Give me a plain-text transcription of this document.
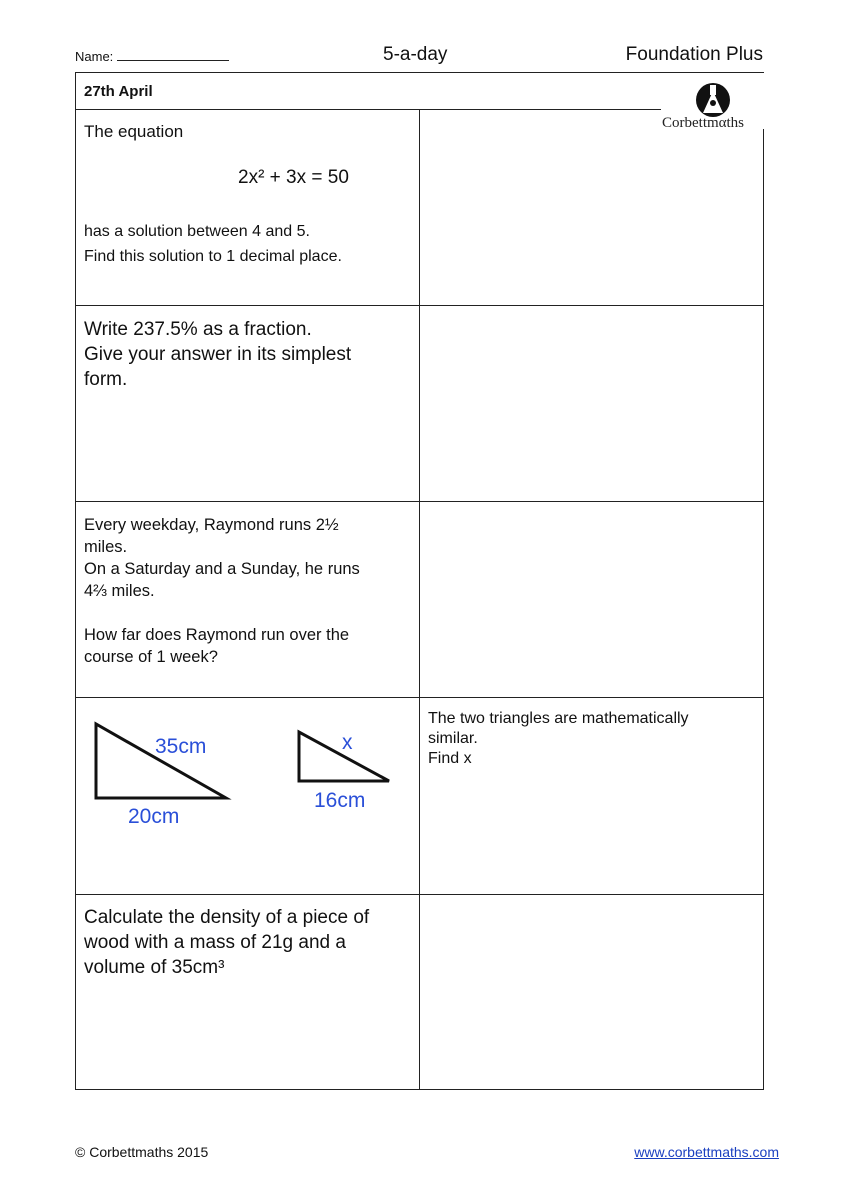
Name:	5-a-day	Foundation Plus
27th April
Corbettmαths
The equation
2x² + 3x = 50
has a solution between 4 and 5.
Find this solution to 1 decimal place.
Write 237.5% as a fraction.
Give your answer in its simplest
form.

Every weekday, Raymond runs 2½

miles.

On a Saturday and a Sunday, he runs

4⅔ miles.

How far does Raymond run over the

course of 1 week?

35cm
20cm
x
16cm
The two triangles are mathematically
similar.
Find x
Calculate the density of a piece of
wood with a mass of 21g and a
volume of 35cm³
© Corbettmaths 2015	www.corbettmaths.com
